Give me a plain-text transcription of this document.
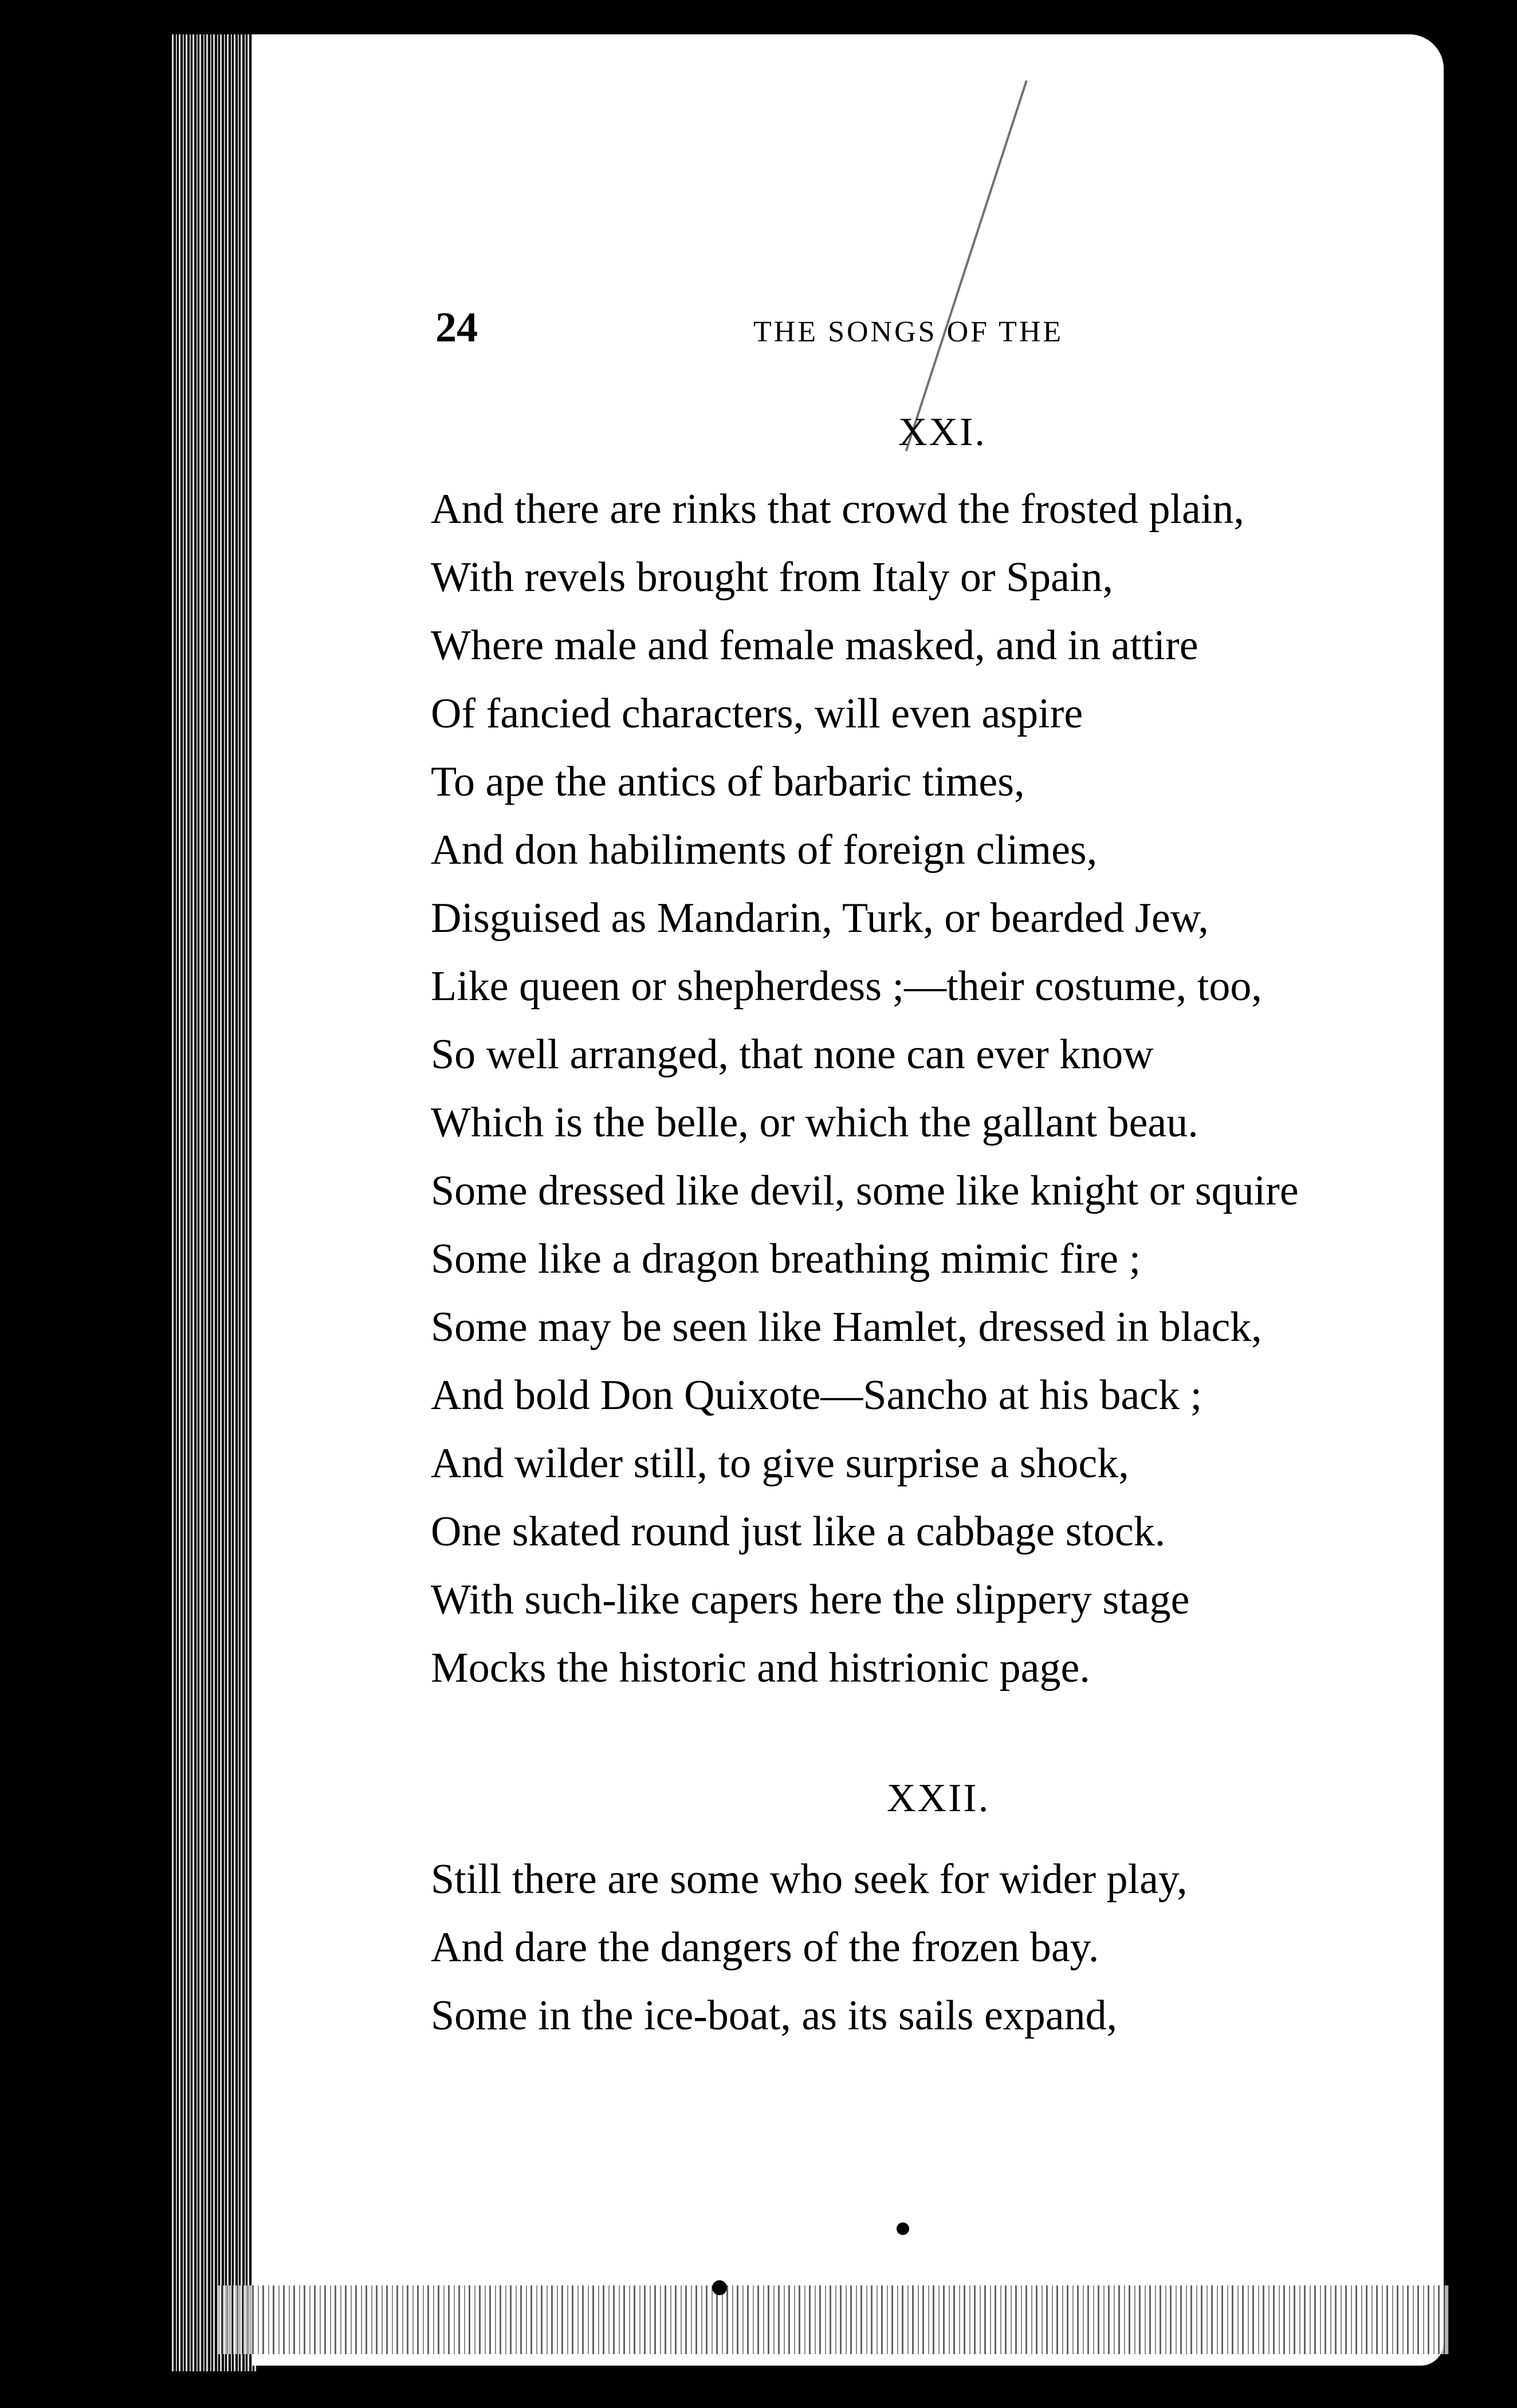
24	THE SONGS OF THE
XXI.
And there are rinks that crowd the frosted plain,
With revels brought from Italy or Spain,
Where male and female masked, and in attire
Of fancied characters, will even aspire
To ape the antics of barbaric times,
And don habiliments of foreign climes,
Disguised as Mandarin, Turk, or bearded Jew,
Like queen or shepherdess ;—their costume, too,
So well arranged, that none can ever know
Which is the belle, or which the gallant beau.
Some dressed like devil, some like knight or squire
Some like a dragon breathing mimic fire ;
Some may be seen like Hamlet, dressed in black,
And bold Don Quixote—Sancho at his back ;
And wilder still, to give surprise a shock,
One skated round just like a cabbage stock.
With such-like capers here the slippery stage
Mocks the historic and histrionic page.
XXII.
Still there are some who seek for wider play,
And dare the dangers of the frozen bay.
Some in the ice-boat, as its sails expand,
